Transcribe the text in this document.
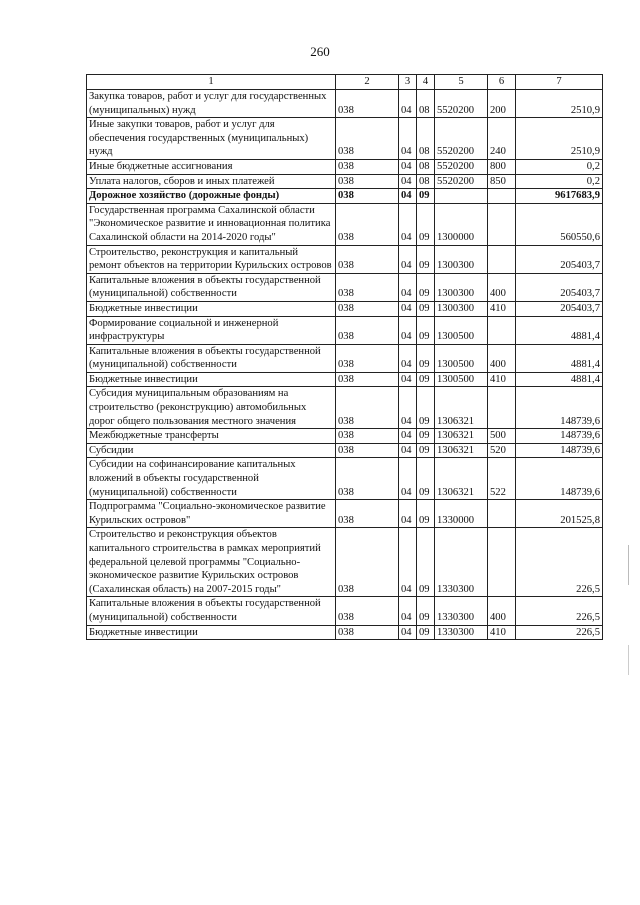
260
1	2	3	4	5	6	7
Закупка товаров, работ и услуг для государственных (муниципальных) нужд	038	04	08	5520200	200	2510,9
Иные закупки товаров, работ и услуг для обеспечения государственных (муниципальных) нужд	038	04	08	5520200	240	2510,9
Иные бюджетные ассигнования	038	04	08	5520200	800	0,2
Уплата налогов, сборов и иных платежей	038	04	08	5520200	850	0,2
Дорожное хозяйство (дорожные фонды)	038	04	09			9617683,9
Государственная программа Сахалинской области "Экономическое развитие и инновационная политика Сахалинской области на 2014-2020 годы"	038	04	09	1300000		560550,6
Строительство, реконструкция и капитальный ремонт объектов на территории Курильских островов	038	04	09	1300300		205403,7
Капитальные вложения в объекты государственной (муниципальной) собственности	038	04	09	1300300	400	205403,7
Бюджетные инвестиции	038	04	09	1300300	410	205403,7
Формирование социальной и инженерной инфраструктуры	038	04	09	1300500		4881,4
Капитальные вложения в объекты государственной (муниципальной) собственности	038	04	09	1300500	400	4881,4
Бюджетные инвестиции	038	04	09	1300500	410	4881,4
Субсидия муниципальным образованиям на строительство (реконструкцию) автомобильных дорог общего пользования местного значения	038	04	09	1306321		148739,6
Межбюджетные трансферты	038	04	09	1306321	500	148739,6
Субсидии	038	04	09	1306321	520	148739,6
Субсидии на софинансирование капитальных вложений в объекты государственной (муниципальной) собственности	038	04	09	1306321	522	148739,6
Подпрограмма "Социально-экономическое развитие Курильских островов"	038	04	09	1330000		201525,8
Строительство и реконструкция объектов капитального строительства в рамках мероприятий федеральной целевой программы "Социально-экономическое развитие Курильских островов (Сахалинская область) на 2007-2015 годы"	038	04	09	1330300		226,5
Капитальные вложения в объекты государственной (муниципальной) собственности	038	04	09	1330300	400	226,5
Бюджетные инвестиции	038	04	09	1330300	410	226,5
